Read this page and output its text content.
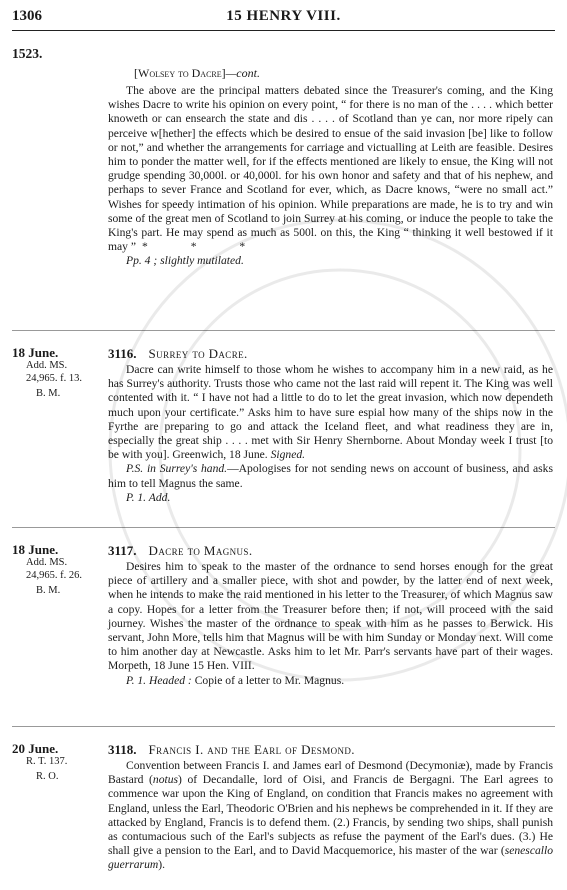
1306	15 HENRY VIII.
1523.
[Wolsey to Dacre]—cont.
The above are the principal matters debated since the Treasurer's coming, and the King wishes Dacre to write his opinion on every point, “ for there is no man of the . . . . which better knoweth or can ensearch the state and dis . . . . of Scotland than ye can, nor more ripely can perceive w[hether] the effects which be desired to ensue of the said invasion [be] like to follow or not,” and whether the arrangements for carriage and victualling at Leith are feasible. Desires him to ponder the matter well, for if the effects mentioned are likely to ensue, the King will not grudge spending 30,000l. or 40,000l. for his own honor and safety and that of his nephew, and perhaps to sever France and Scotland for ever, which, as Dacre knows, “were no small act.” Wishes for speedy intimation of his opinion. While preparations are made, he is to try and win some of the great men of Scotland to join Surrey at his coming, or induce the people to take the King's part. He may spend as much as 500l. on this, the King “ thinking it well bestowed if it may ” * * *
Pp. 4 ; slightly mutilated.
18 June.
Add. MS.
24,965. f. 13.
B. M.
3116. Surrey to Dacre.
Dacre can write himself to those whom he wishes to accompany him in a new raid, as he has Surrey's authority. Trusts those who came not the last raid will repent it. The King was well contented with it. “ I have not had a little to do to let the great invasion, which now dependeth much upon your certificate.” Asks him to have sure espial how many of the ships now in the Fyrthe are preparing to go and attack the Iceland fleet, and what readiness they are in, especially the great ship . . . . met with Sir Henry Shernborne. About Monday week I trust [to be with you]. Greenwich, 18 June. Signed.
P.S. in Surrey's hand.—Apologises for not sending news on account of business, and asks him to tell Magnus the same.
P. 1. Add.
18 June.
Add. MS.
24,965. f. 26.
B. M.
3117. Dacre to Magnus.
Desires him to speak to the master of the ordnance to send horses enough for the great piece of artillery and a smaller piece, with shot and powder, by the latter end of next week, when he intends to make the raid mentioned in his letter to the Treasurer, of which Magnus saw a copy. Hopes for a letter from the Treasurer before then; if not, will proceed with the said journey. Wishes the master of the ordnance to speak with him as he passes to Berwick. His servant, John More, tells him that Magnus will be with him Sunday or Monday next. Will come to him another day at Newcastle. Asks him to let Mr. Parr's servants have part of their wages. Morpeth, 18 June 15 Hen. VIII.
P. 1. Headed : Copie of a letter to Mr. Magnus.
20 June.
R. T. 137.
R. O.
3118. Francis I. and the Earl of Desmond.
Convention between Francis I. and James earl of Desmond (Decymoniæ), made by Francis Bastard (notus) of Decandalle, lord of Oisi, and Francis de Bergagni. The Earl agrees to commence war upon the King of England, on condition that Francis makes no agreement with England, unless the Earl, Theodoric O'Brien and his nephews be comprehended in it. If they are attacked by England, Francis is to defend them. (2.) Francis, by sending two ships, shall punish as contumacious such of the Earl's subjects as refuse the payment of the Earl's dues. (3.) He shall give a pension to the Earl, and to David Macquemorice, his master of the war (senescallo guerrarum).
